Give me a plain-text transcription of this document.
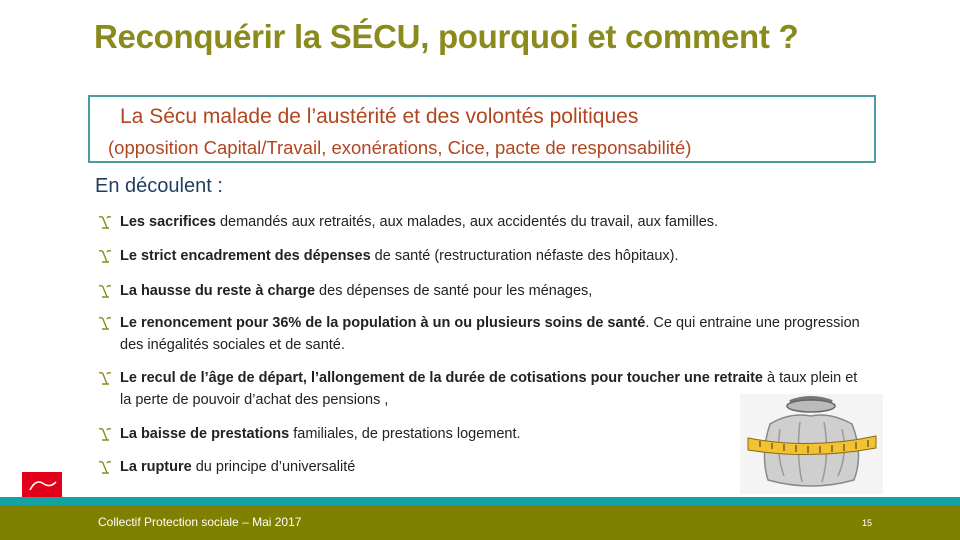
Reconquérir la SÉCU, pourquoi et comment ?
La Sécu malade de l’austérité et des volontés politiques
(opposition Capital/Travail, exonérations, Cice, pacte de responsabilité)
En découlent :
Les sacrifices demandés aux retraités, aux malades, aux accidentés du travail, aux familles.
Le strict encadrement des dépenses de santé (restructuration néfaste des hôpitaux).
La hausse du reste à charge des dépenses de santé pour les ménages,
Le renoncement pour 36% de la population à un ou plusieurs soins de santé. Ce qui entraine une progression des inégalités sociales et de santé.
Le recul de l’âge de départ, l’allongement de la durée de cotisations pour toucher une retraite à taux plein et la perte de pouvoir d’achat des pensions ,
La baisse de prestations familiales, de prestations logement.
La rupture du principe d’universalité
Collectif Protection sociale – Mai 2017	15
